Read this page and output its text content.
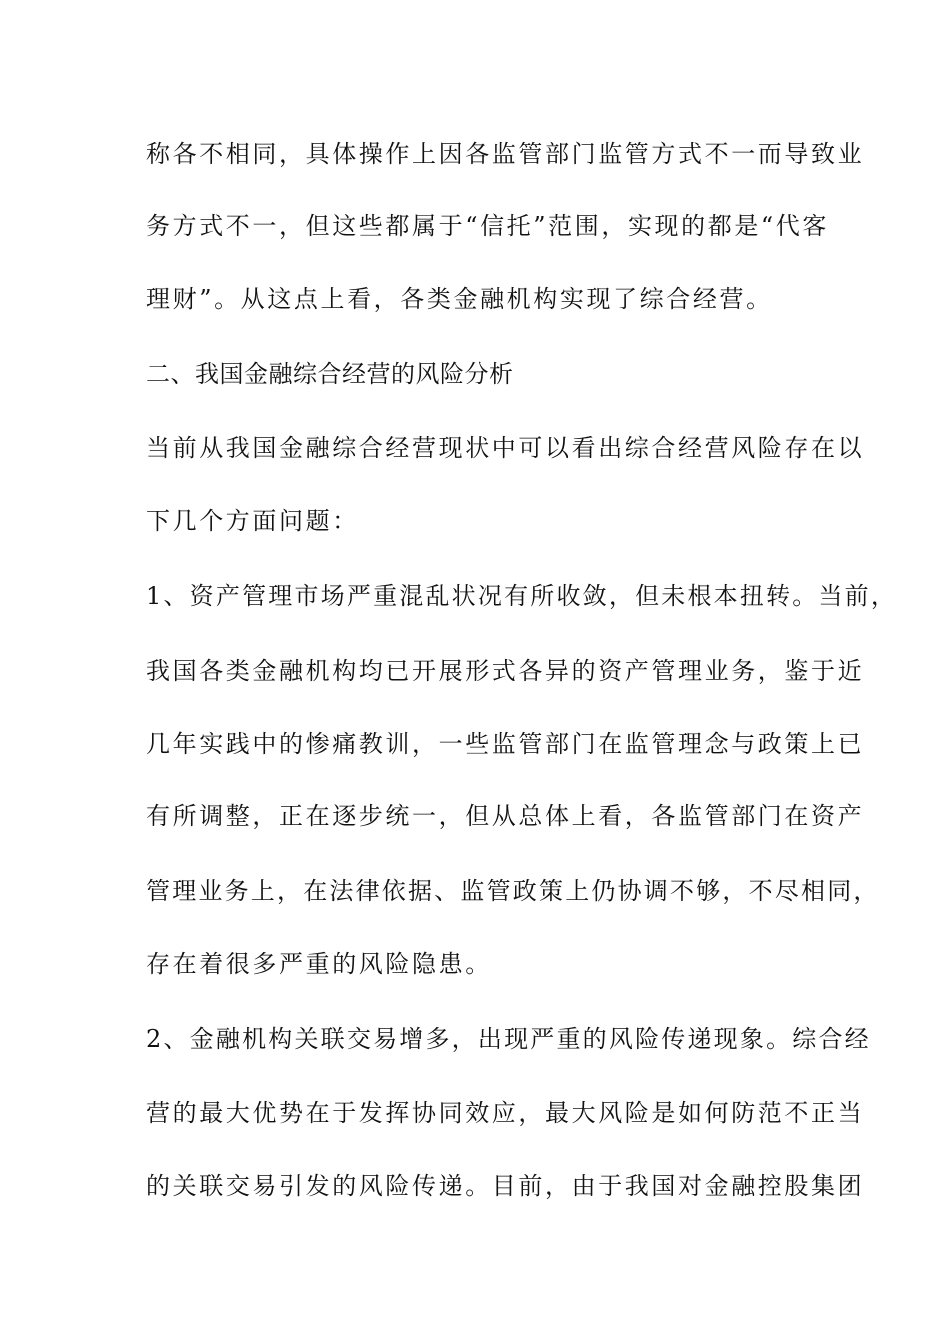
称各不相同，具体操作上因各监管部门监管方式不一而导致业
务方式不一，但这些都属于“信托”范围，实现的都是“代客
理财”。从这点上看，各类金融机构实现了综合经营。
二、我国金融综合经营的风险分析
当前从我国金融综合经营现状中可以看出综合经营风险存在以
下几个方面问题：
1、资产管理市场严重混乱状况有所收敛，但未根本扭转。当前，
我国各类金融机构均已开展形式各异的资产管理业务，鉴于近
几年实践中的惨痛教训，一些监管部门在监管理念与政策上已
有所调整，正在逐步统一，但从总体上看，各监管部门在资产
管理业务上，在法律依据、监管政策上仍协调不够，不尽相同，
存在着很多严重的风险隐患。
2、金融机构关联交易增多，出现严重的风险传递现象。综合经
营的最大优势在于发挥协同效应，最大风险是如何防范不正当
的关联交易引发的风险传递。目前，由于我国对金融控股集团
